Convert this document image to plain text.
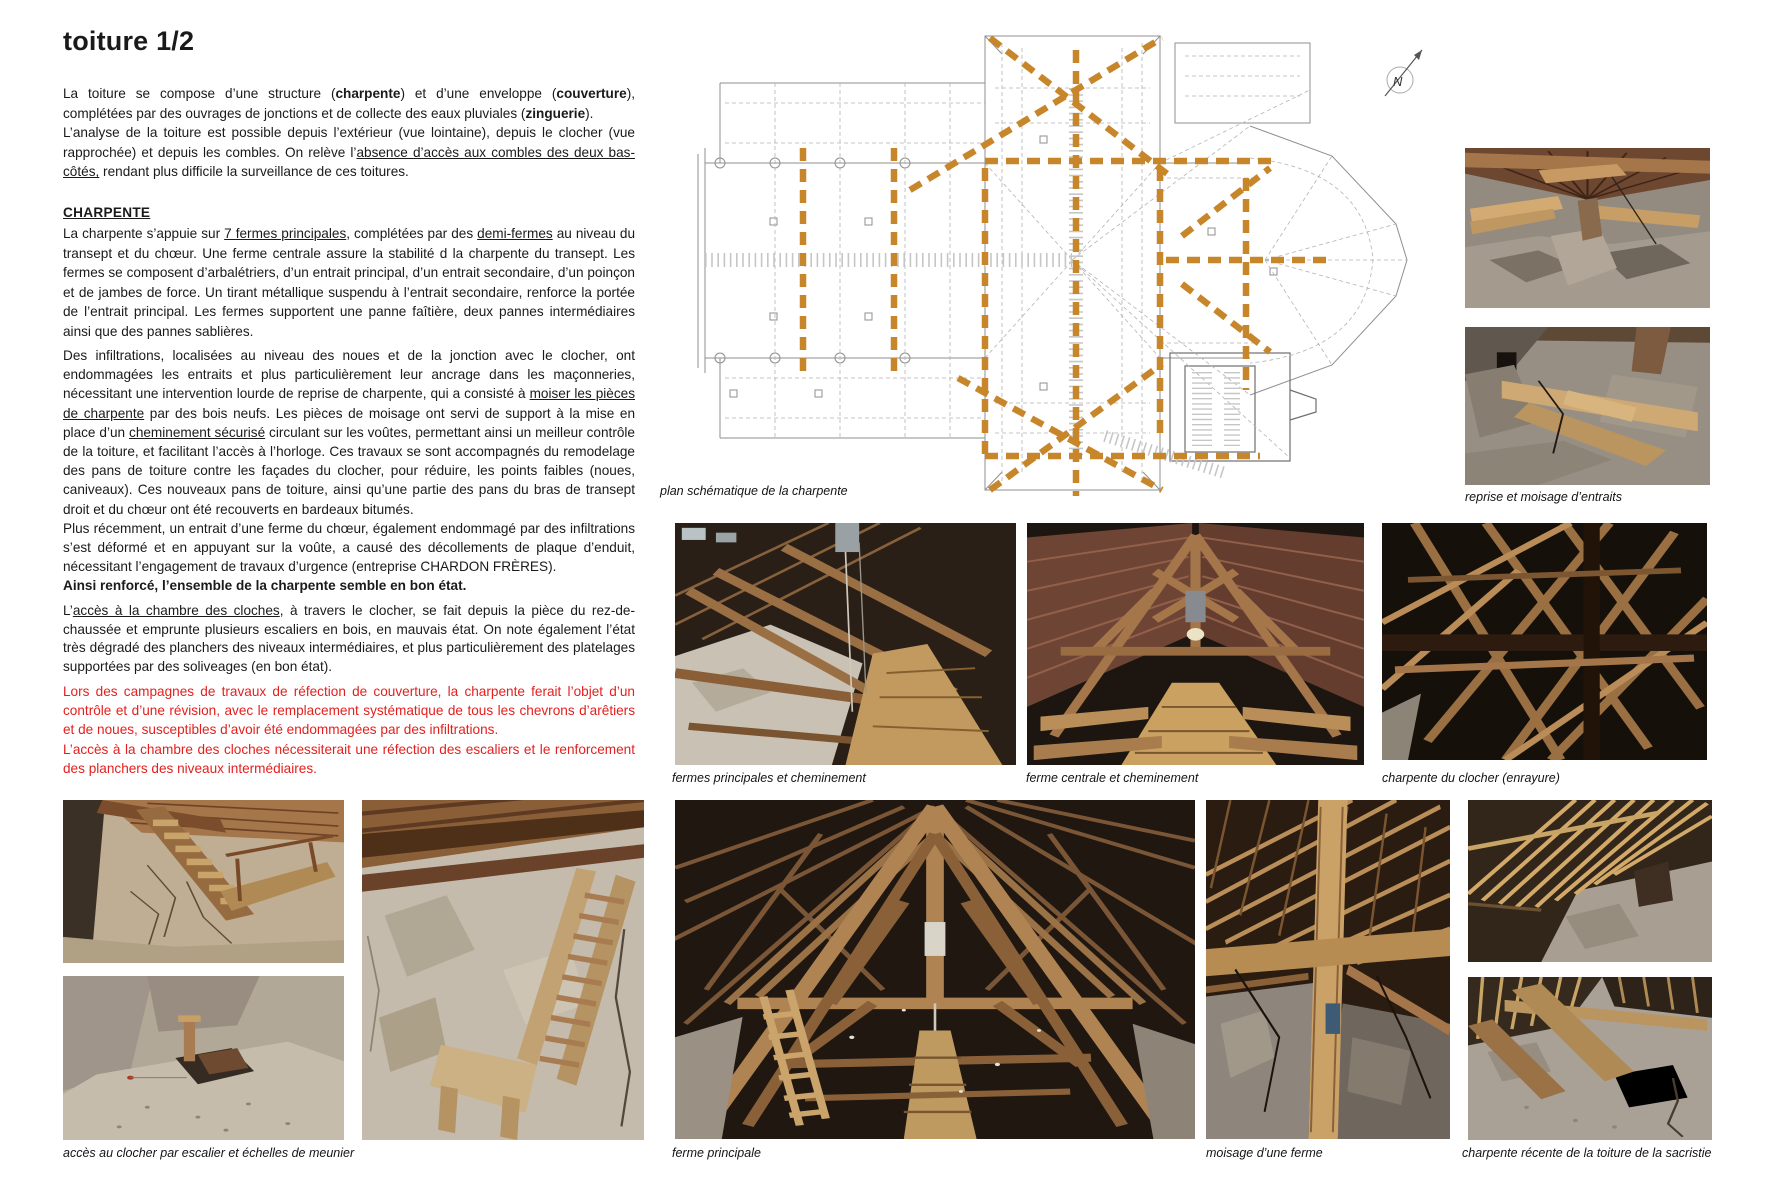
toiture 1/2
La toiture se compose d’une structure (charpente) et d’une enveloppe (couverture), complétées par des ouvrages de jonctions et de collecte des eaux pluviales (zinguerie).
L’analyse de la toiture est possible depuis l’extérieur (vue lointaine), depuis le clocher (vue rapprochée) et depuis les combles. On relève l’absence d’accès aux combles des deux bas-côtés, rendant plus difficile la surveillance de ces toitures.
CHARPENTE
La charpente s’appuie sur 7 fermes principales, complétées par des demi-fermes au niveau du transept et du chœur. Une ferme centrale assure la stabilité d la charpente du transept. Les fermes se composent d’arbalétriers, d’un entrait principal, d’un entrait secondaire, d’un poinçon et de jambes de force. Un tirant métallique suspendu à l’entrait secondaire, renforce la portée de l’entrait principal. Les fermes supportent une panne faîtière, deux pannes intermédiaires ainsi que des pannes sablières.
Des infiltrations, localisées au niveau des noues et de la jonction avec le clocher, ont endommagées les entraits et plus particulièrement leur ancrage dans les maçonneries, nécessitant une intervention lourde de reprise de charpente, qui a consisté à moiser les pièces de charpente par des bois neufs. Les pièces de moisage ont servi de support à la mise en place d’un cheminement sécurisé circulant sur les voûtes, permettant ainsi un meilleur contrôle de la toiture, et facilitant l’accès à l’horloge. Ces travaux se sont accompagnés du remodelage des pans de toiture contre les façades du clocher, pour réduire, les points faibles (noues, caniveaux). Ces nouveaux pans de toiture, ainsi qu’une partie des pans du bras de transept droit et du chœur ont été recouverts en bardeaux bitumés.
Plus récemment, un entrait d’une ferme du chœur, également endommagé par des infiltrations s’est déformé et en appuyant sur la voûte, a causé des décollements de plaque d’enduit, nécessitant l’engagement de travaux d’urgence (entreprise CHARDON FRÈRES).
Ainsi renforcé, l’ensemble de la charpente semble en bon état.
L’accès à la chambre des cloches, à travers le clocher, se fait depuis la pièce du rez-de-chaussée et emprunte plusieurs escaliers en bois, en mauvais état. On note également l’état très dégradé des planchers des niveaux intermédiaires, et plus particulièrement des platelages supportées par des soliveages (en bon état).
Lors des campagnes de travaux de réfection de couverture, la charpente ferait l’objet d’un contrôle et d’une révision, avec le remplacement systématique de tous les chevrons d’arêtiers et de noues, susceptibles d’avoir été endommagées par des infiltrations.
L’accès à la chambre des cloches nécessiterait une réfection des escaliers et le renforcement des planchers des niveaux intermédiaires.
N
plan schématique de la charpente	reprise et moisage d’entraits
fermes principales et cheminement	ferme centrale et cheminement	charpente du clocher (enrayure)
accès au clocher par escalier et échelles de meunier	ferme principale	moisage d’une ferme	charpente récente de la toiture de la sacristie
